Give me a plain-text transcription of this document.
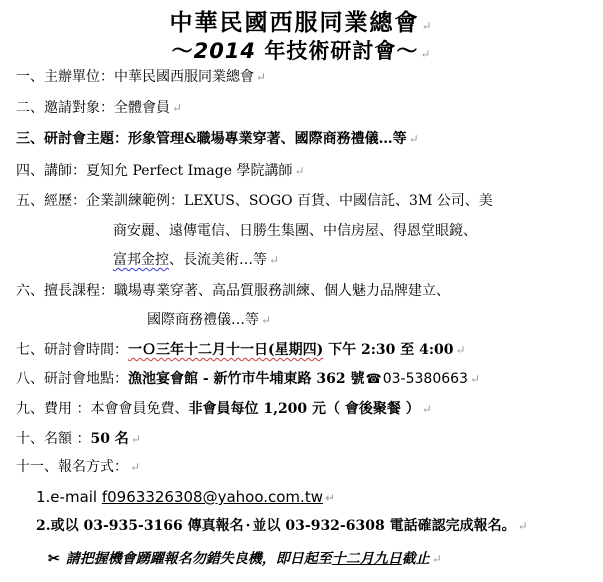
中華民國西服同業總會 ↵
～2014 年技術研討會～ ↵
一、主辦單位：中華民國西服同業總會 ↵
二、邀請對象：全體會員 ↵
三、研討會主題：形象管理&職場專業穿著、國際商務禮儀…等 ↵
四、講師：夏知允 Perfect Image 學院講師 ↵
五、經歷：企業訓練範例：LEXUS、SOGO 百貨、中國信託、3M 公司、美
商安麗、遠傳電信、日勝生集團、中信房屋、得恩堂眼鏡、
富邦金控、長流美術…等 ↵
六、擅長課程：職場專業穿著、高品質服務訓練、個人魅力品牌建立、
國際商務禮儀…等 ↵
七、研討會時間：一Ｏ三年十二月十一日(星期四) 下午 2:30 至 4:00 ↵
八、研討會地點：漁池宴會館 - 新竹市牛埔東路 362 號☎03-5380663 ↵
九、費用 ：本會會員免費、非會員每位 1,200 元（ 會後聚餐 ） ↵
十、名額 ：50 名 ↵
十一、報名方式： ↵
1.e-mail f0963326308@yahoo.com.tw ↵
2.或以 03-935-3166 傳真報名 · 並以 03-932-6308 電話確認完成報名。 ↵
✂ 請把握機會踴躍報名勿錯失良機，即日起至十二月九日截止 ↵
